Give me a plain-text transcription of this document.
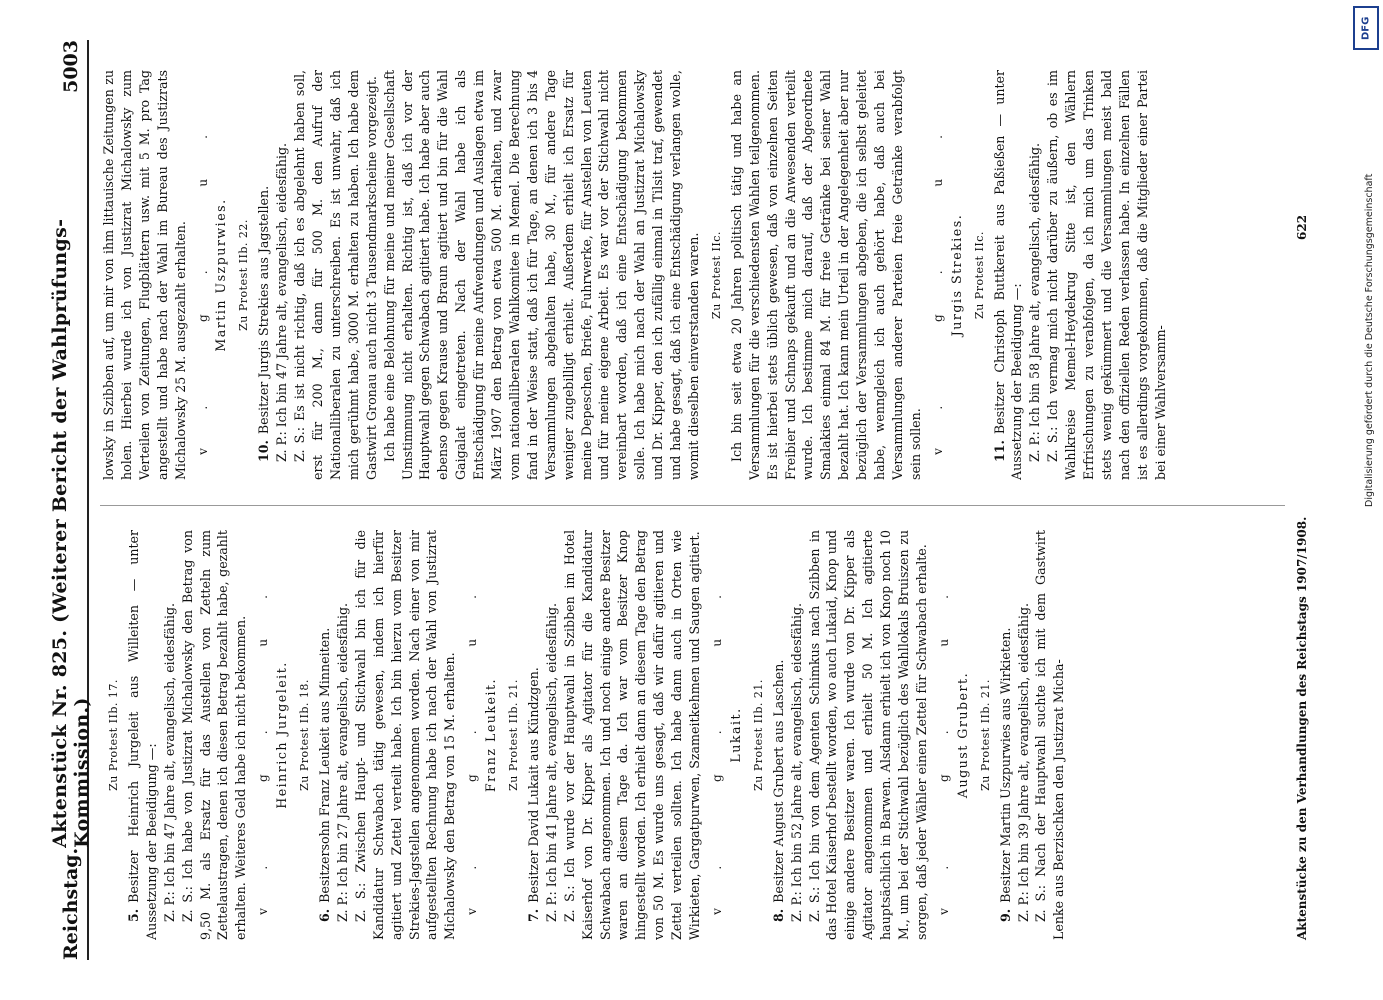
Reichstag.
Aktenstück Nr. 825. (Weiterer Bericht der Wahlprüfungs-Kommission.)
5003

Zu Protest IIb. 17.

5.Besitzer Heinrich Jurgeleit aus Willeiten — unter Aussetzung der Beeidigung —: Z. P.: Ich bin 47 Jahre alt, evangelisch, eidesfähig. Z. S.: Ich habe von Justizrat Michalowsky den Betrag von 9,50 M. als Ersatz für das Austellen von Zetteln zum Zettelaustragen, denen ich diesen Betrag bezahlt habe, gezahlt erhalten. Weiteres Geld habe ich nicht bekommen. v. g. u. Heinrich Jurgeleit. Zu Protest IIb. 18.

6.Besitzersohn Franz Leukeit aus Minneiten. Z. P.: Ich bin 27 Jahre alt, evangelisch, eidesfähig. Z. S.: Zwischen Haupt- und Stichwahl bin ich für die Kandidatur Schwabach tätig gewesen, indem ich hierfür agitiert und Zettel verteilt habe. Ich bin hierzu vom Besitzer Strekies-Jagstellen angenommen worden. Nach einer von mir aufgestellten Rechnung habe ich nach der Wahl von Justizrat Michalowsky den Betrag von 15 M. erhalten. v. g. u. Franz Leukeit. Zu Protest IIb. 21.

7.Besitzer David Lukait aus Kündzgen. Z. P.: Ich bin 41 Jahre alt, evangelisch, eidesfähig. Z. S.: Ich wurde vor der Hauptwahl in Szibben im Hotel Kaiserhof von Dr. Kipper als Agitator für die Kandidatur Schwabach angenommen. Ich und noch einige andere Besitzer waren an diesem Tage da. Ich war vom Besitzer Knop hingestellt worden. Ich erhielt dann an diesem Tage den Betrag von 50 M. Es wurde uns gesagt, daß wir dafür agitieren und Zettel verteilen sollten. Ich habe dann auch in Orten wie Wirkieten, Gargatpurwen, Szameitkehmen und Saugen agitiert. v. g. u. Lukait. Zu Protest IIb. 21.

8.Besitzer August Grubert aus Laschen. Z. P.: Ich bin 52 Jahre alt, evangelisch, eidesfähig. Z. S.: Ich bin von dem Agenten Schimkus nach Szibben in das Hotel Kaiserhof bestellt worden, wo auch Lukaid, Knop und einige andere Besitzer waren. Ich wurde von Dr. Kipper als Agitator angenommen und erhielt 50 M. Ich agitierte hauptsächlich in Barwen. Alsdann erhielt ich von Knop noch 10 M., um bei der Stichwahl bezüglich des Wahllokals Bruiszen zu sorgen, daß jeder Wähler einen Zettel für Schwabach erhalte. v. g. u. August Grubert. Zu Protest IIb. 21.

9.Besitzer Martin Uszpurwies aus Wirkieten. Z. P.: Ich bin 39 Jahre alt, evangelisch, eidesfähig. Z. S.: Nach der Hauptwahl suchte ich mit dem Gastwirt Lenke aus Berzischken den Justizrat Micha-

lowsky in Szibben auf, um mir von ihm littauische Zeitungen zu holen. Hierbei wurde ich von Justizrat Michalowsky zum Verteilen von Zeitungen, Flugblättern usw. mit 5 M. pro Tag angestellt und habe nach der Wahl im Bureau des Justizrats Michalowsky 25 M. ausgezahlt erhalten. v. g. u. Martin Uszpurwies. Zu Protest IIb. 22.

10.Besitzer Jurgis Strekies aus Jagstellen. Z. P.: Ich bin 47 Jahre alt, evangelisch, eidesfähig. Z. S.: Es ist nicht richtig, daß ich es abgelehnt haben soll, erst für 200 M., dann für 500 M. den Aufruf der Nationalliberalen zu unterschreiben. Es ist unwahr, daß ich mich gerühmt habe, 3000 M. erhalten zu haben. Ich habe dem Gastwirt Gronau auch nicht 3 Tausendmarkscheine vorgezeigt. Ich habe eine Belohnung für meine und meiner Gesellschaft Umstimmung nicht erhalten. Richtig ist, daß ich vor der Hauptwahl gegen Schwabach agitiert habe. Ich habe aber auch ebenso gegen Krause und Braun agitiert und bin für die Wahl Gaigalat eingetreten. Nach der Wahl habe ich als Entschädigung für meine Aufwendungen und Auslagen etwa im März 1907 den Betrag von etwa 500 M. erhalten, und zwar vom nationalliberalen Wahlkomitee in Memel. Die Berechnung fand in der Weise statt, daß ich für Tage, an denen ich 3 bis 4 Versammlungen abgehalten habe, 30 M., für andere Tage weniger zugebilligt erhielt. Außerdem erhielt ich Ersatz für meine Depeschen, Briefe, Fuhrwerke, für Anstellen von Leuten und für meine eigene Arbeit. Es war vor der Stichwahl nicht vereinbart worden, daß ich eine Entschädigung bekommen solle. Ich habe mich nach der Wahl an Justizrat Michalowsky und Dr. Kipper, den ich zufällig einmal in Tilsit traf, gewendet und habe gesagt, daß ich eine Entschädigung verlangen wolle, womit dieselben einverstanden waren. Zu Protest IIc. Ich bin seit etwa 20 Jahren politisch tätig und habe an Versammlungen für die verschiedensten Wahlen teilgenommen. Es ist hierbei stets üblich gewesen, daß von einzelnen Seiten Freibier und Schnaps gekauft und an die Anwesenden verteilt wurde. Ich bestimme mich darauf, daß der Abgeordnete Smalakies einmal 84 M. für freie Getränke bei seiner Wahl bezahlt hat. Ich kann mein Urteil in der Angelegenheit aber nur bezüglich der Versammlungen abgeben, die ich selbst geleitet habe, wenngleich ich auch gehört habe, daß auch bei Versammlungen anderer Parteien freie Getränke verabfolgt sein sollen. v. g. u. Jurgis Strekies. Zu Protest IIc.

11.Besitzer Christoph Buttkereit aus Paßießen — unter Aussetzung der Beeidigung —: Z. P.: Ich bin 58 Jahre alt, evangelisch, eidesfähig. Z. S.: Ich vermag mich nicht darüber zu äußern, ob es im Wahlkreise Memel-Heydekrug Sitte ist, den Wählern Erfrischungen zu verabfolgen, da ich mich um das Trinken stets wenig gekümmert und die Versammlungen meist bald nach den offiziellen Reden verlassen habe. In einzelnen Fällen ist es allerdings vorgekommen, daß die Mitglieder einer Partei bei einer Wahlversamm-

Aktenstücke zu den Verhandlungen des Reichstags 1907/1908.
622
DFG
Digitalisierung gefördert durch die Deutsche Forschungsgemeinschaft
